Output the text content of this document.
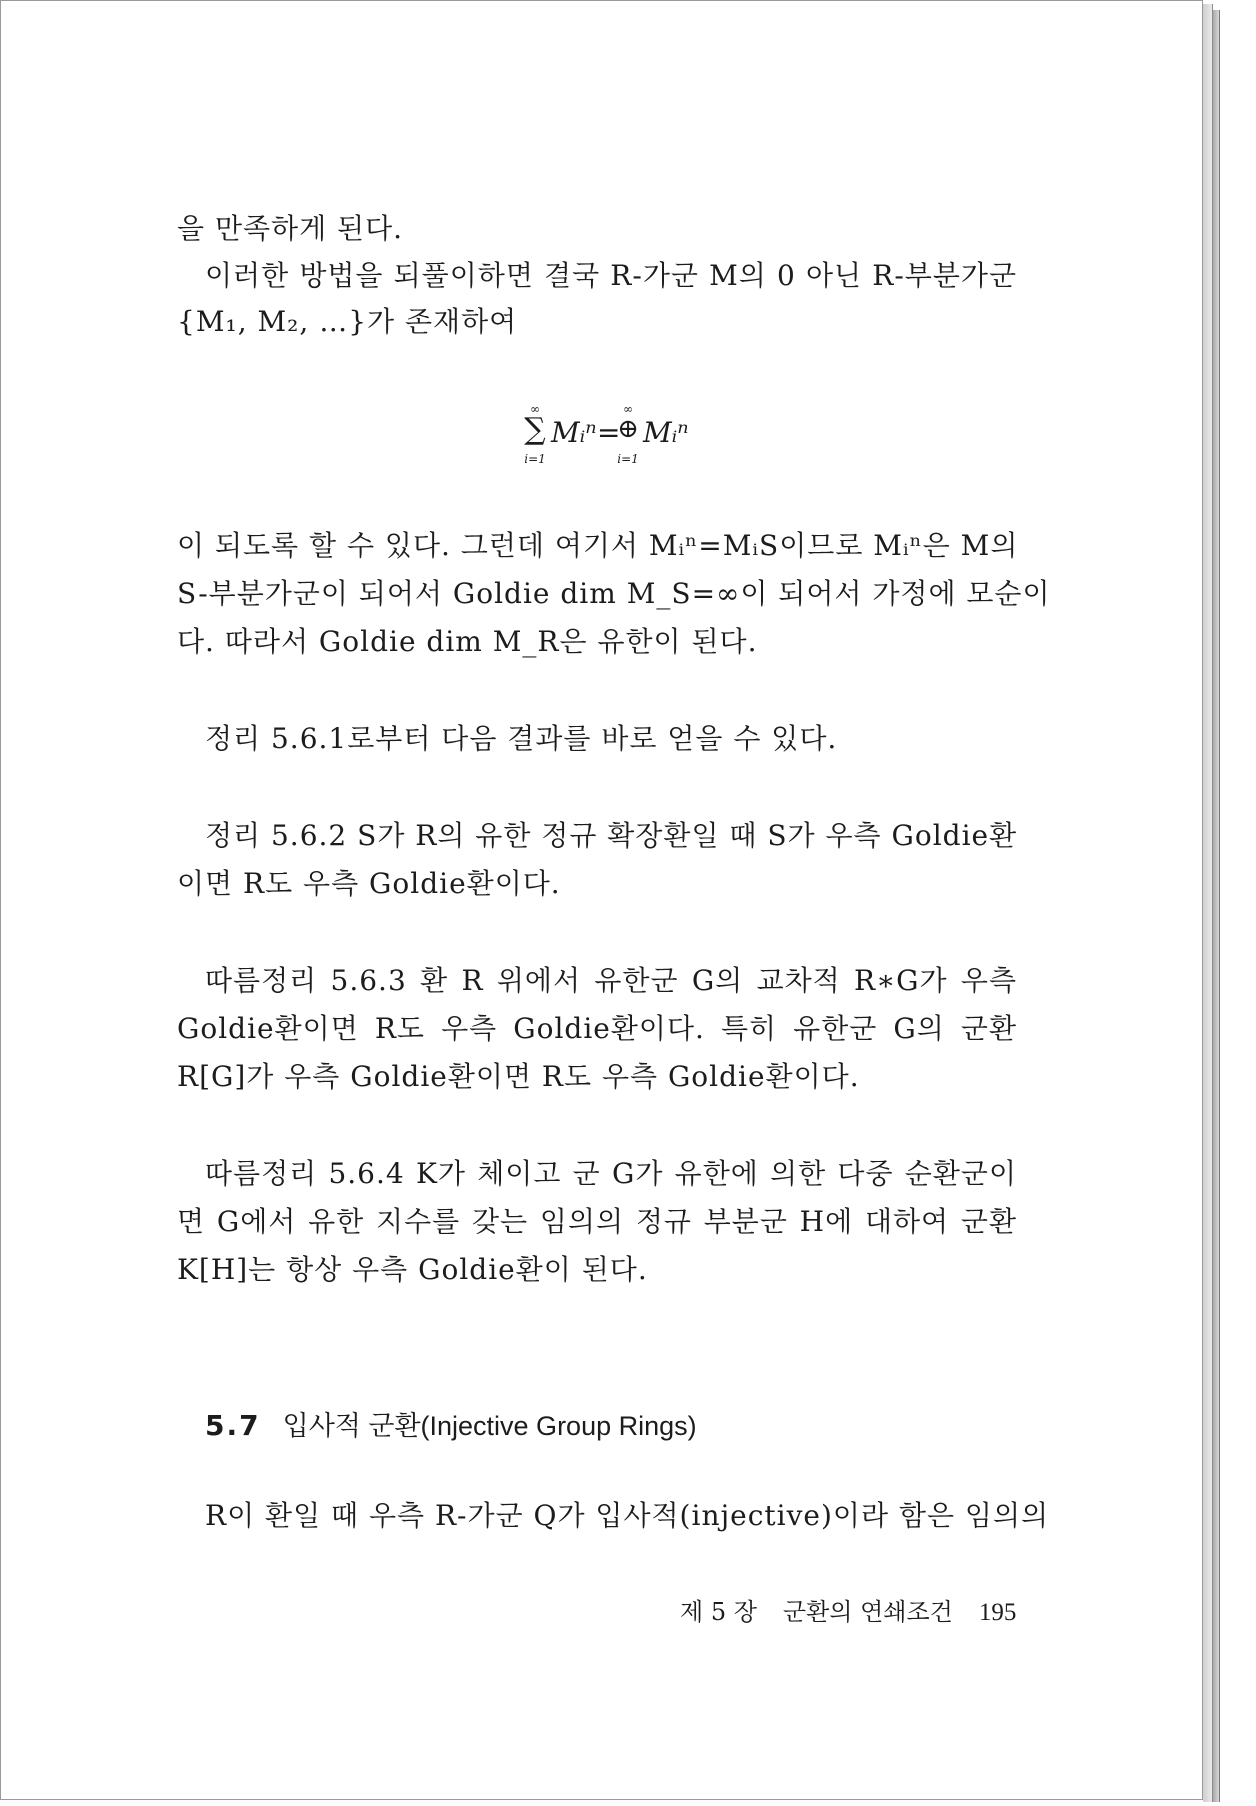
을 만족하게 된다.
이러한 방법을 되풀이하면 결국 R-가군 M의 0 아닌 R-부분가군
{M₁, M₂, …}가 존재하여
이 되도록 할 수 있다. 그런데 여기서 Mᵢⁿ=MᵢS이므로 Mᵢⁿ은 M의
S-부분가군이 되어서 Goldie dim M_S=∞이 되어서 가정에 모순이
다. 따라서 Goldie dim M_R은 유한이 된다.
정리 5.6.1로부터 다음 결과를 바로 얻을 수 있다.
정리 5.6.2 S가 R의 유한 정규 확장환일 때 S가 우측 Goldie환
이면 R도 우측 Goldie환이다.
따름정리 5.6.3 환 R 위에서 유한군 G의 교차적 R∗G가 우측
Goldie환이면 R도 우측 Goldie환이다. 특히 유한군 G의 군환
R[G]가 우측 Goldie환이면 R도 우측 Goldie환이다.
따름정리 5.6.4 K가 체이고 군 G가 유한에 의한 다중 순환군이
면 G에서 유한 지수를 갖는 임의의 정규 부분군 H에 대하여 군환
K[H]는 항상 우측 Goldie환이 된다.
5.7 입사적 군환(Injective Group Rings)
R이 환일 때 우측 R-가군 Q가 입사적(injective)이라 함은 임의의
∞
∑
i=1
Mᵢⁿ =
∞
⊕
i=1
Mᵢⁿ
제 5 장 군환의 연쇄조건 195
